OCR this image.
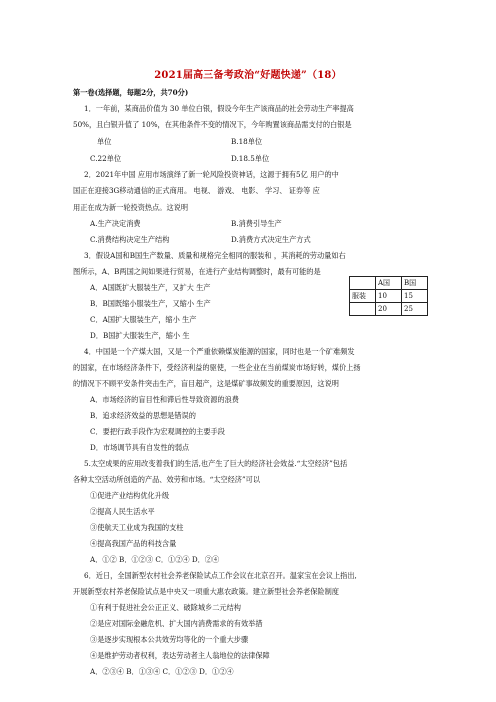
2021届高三备考政治“好题快递”（18）
第一卷(选择题，每题2分，共70分)
1．一年前，某商品价值为 30 单位白银，假设今年生产该商品的社会劳动生产率提高
50%，且白银升值了 10%，在其他条件不变的情况下，今年购置该商品需支付的白银是
单位	B.18单位
C.22单位	D.18.5单位
2．2021年中国 应用市场演绎了新一轮风险投资神话，这源于拥有5亿 用户的中
国正在迎接3G移动通信的正式商用。 电视、 游戏、 电影、 学习、 证券等 应
用正在成为新一轮投资热点。这说明
A.生产决定消费	B.消费引导生产
C.消费结构决定生产结构	D.消费方式决定生产方式
3．假设A国和B国生产数量、质量和规格完全相同的服装和 ，其消耗的劳动量如右
图所示，A、B两国之间如果进行贸易，在进行产业结构调整时，最有可能的是
A．A国既扩大服装生产，又扩大 生产
B．B国既缩小服装生产，又缩小 生产
C．A国扩大服装生产，缩小 生产
D．B国扩大服装生产，缩小 生
	A国	B国
服装	10	15
	20	25
4．中国是一个产煤大国，又是一个严重依赖煤炭能源的国家，同时也是一个矿难频发
的国家，在市场经济条件下，受经济利益的驱使，一些企业在当前煤炭市场好转，煤价上扬
的情况下不顾平安条件突击生产，盲目超产，这是煤矿事故频发的重要原因，这说明
A．市场经济的盲目性和滞后性导致资源的浪费
B．追求经济效益的思想是错误的
C．要把行政手段作为宏观调控的主要手段
D．市场调节具有自发性的弱点
5.太空成果的应用改变着我们的生活,也产生了巨大的经济社会效益.“太空经济”包括
各种太空活动所创造的产品、效劳和市场。“太空经济”可以
①促进产业结构优化升级
②提高人民生活水平
③使航天工业成为我国的支柱
④提高我国产品的科技含量
A．①② B．①②③ C．①②④ D．②④
6．近日，全国新型农村社会养老保险试点工作会议在北京召开。温家宝在会议上指出,
开展新型农村养老保险试点是中央又一项重大惠农政策。建立新型社会养老保险制度
①有利于促进社会公正正义、破除城乡二元结构
②是应对国际金融危机、扩大国内消费需求的有效举措
③是逐步实现根本公共效劳均等化的一个重大步骤
④是维护劳动者权利，表达劳动者主人翁地位的法律保障
A．②③④ B．①③④ C．①②③ D．①②④
